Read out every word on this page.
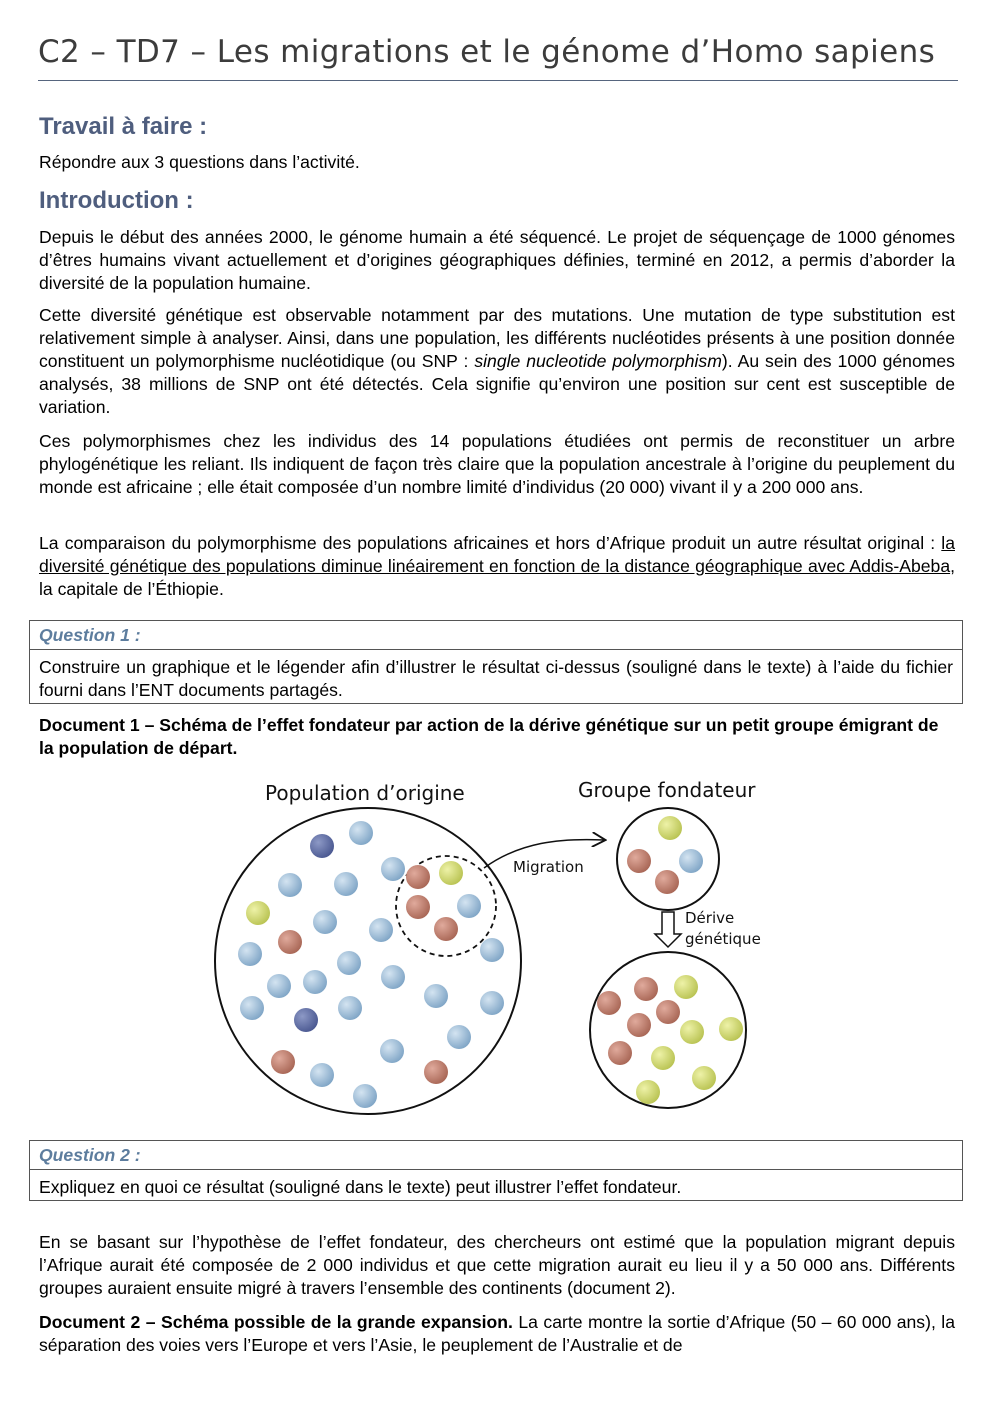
C2 – TD7 – Les migrations et le génome d’Homo sapiens
Travail à faire :

Répondre aux 3 questions dans l’activité.

Introduction :

Depuis le début des années 2000, le génome humain a été séquencé. Le projet de séquençage de 1000 génomes d’êtres humains vivant actuellement et d’origines géographiques définies, terminé en 2012, a permis d’aborder la diversité de la population humaine.

Cette diversité génétique est observable notamment par des mutations. Une mutation de type substitution est relativement simple à analyser. Ainsi, dans une population, les différents nucléotides présents à une position donnée constituent un polymorphisme nucléotidique (ou SNP : single nucleotide polymorphism). Au sein des 1000 génomes analysés, 38 millions de SNP ont été détectés. Cela signifie qu’environ une position sur cent est susceptible de variation.

Ces polymorphismes chez les individus des 14 populations étudiées ont permis de reconstituer un arbre phylogénétique les reliant. Ils indiquent de façon très claire que la population ancestrale à l’origine du peuplement du monde est africaine ; elle était composée d’un nombre limité d’individus (20 000) vivant il y a 200 000 ans.

La comparaison du polymorphisme des populations africaines et hors d’Afrique produit un autre résultat original : la diversité génétique des populations diminue linéairement en fonction de la distance géographique avec Addis-Abeba, la capitale de l’Éthiopie.

Question 1 :
Construire un graphique et le légender afin d’illustrer le résultat ci-dessus (souligné dans le texte) à l’aide du fichier fourni dans l’ENT documents partagés.
Document 1 – Schéma de l’effet fondateur par action de la dérive génétique sur un petit groupe émigrant de la population de départ.
Population d’origine	Groupe fondateur
Migration
Dérive
génétique
Question 2 :
Expliquez en quoi ce résultat (souligné dans le texte) peut illustrer l’effet fondateur.

En se basant sur l’hypothèse de l’effet fondateur, des chercheurs ont estimé que la population migrant depuis l’Afrique aurait été composée de 2 000 individus et que cette migration aurait eu lieu il y a 50 000 ans. Différents groupes auraient ensuite migré à travers l’ensemble des continents (document 2).

Document 2 – Schéma possible de la grande expansion. La carte montre la sortie d’Afrique (50 – 60 000 ans), la séparation des voies vers l’Europe et vers l’Asie, le peuplement de l’Australie et de
